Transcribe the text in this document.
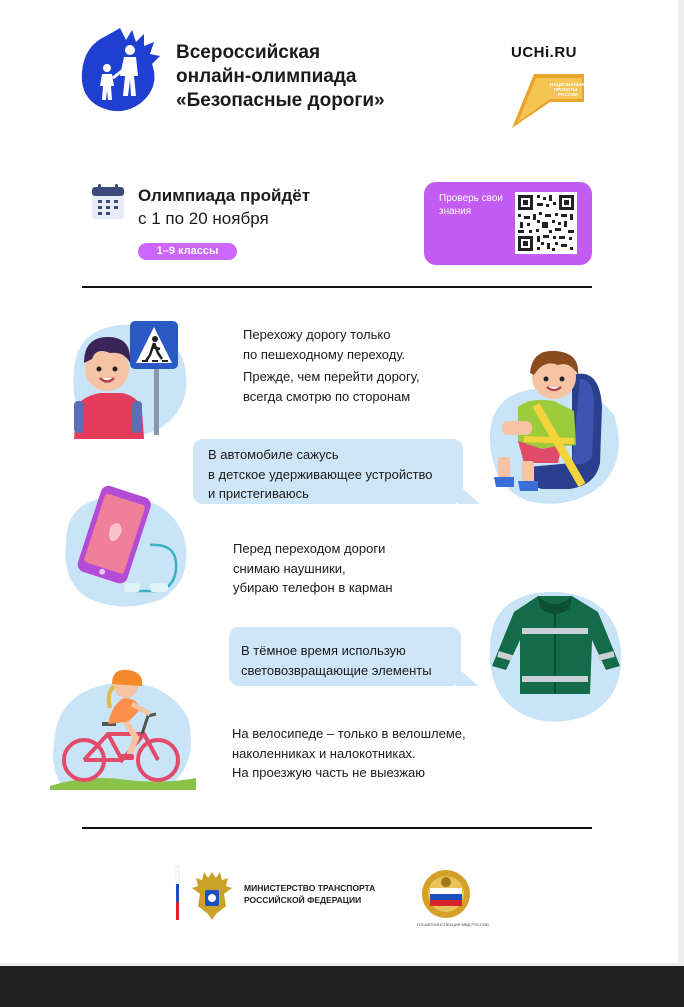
Всероссийская
онлайн-олимпиада
«Безопасные дороги»
UCHi.RU
НАЦИОНАЛЬНЫЕ
ПРОЕКТЫ
РОССИИ
Олимпиада пройдёт
с 1 по 20 ноября
1–9 классы
Проверь свои знания
Перехожу дорогу только
по пешеходному переходу.
Прежде, чем перейти дорогу,
всегда смотрю по сторонам
В автомобиле сажусь
в детское удерживающее устройство
и пристегиваюсь
Перед переходом дороги
снимаю наушники,
убираю телефон в карман
В тёмное время использую
световозвращающие элементы
На велосипеде – только в велошлеме,
наколенниках и налокотниках.
На проезжую часть не выезжаю
МИНИСТЕРСТВО ТРАНСПОРТА
РОССИЙСКОЙ ФЕДЕРАЦИИ
ГОСАВТОИНСПЕКЦИЯ МВД РОССИИ
